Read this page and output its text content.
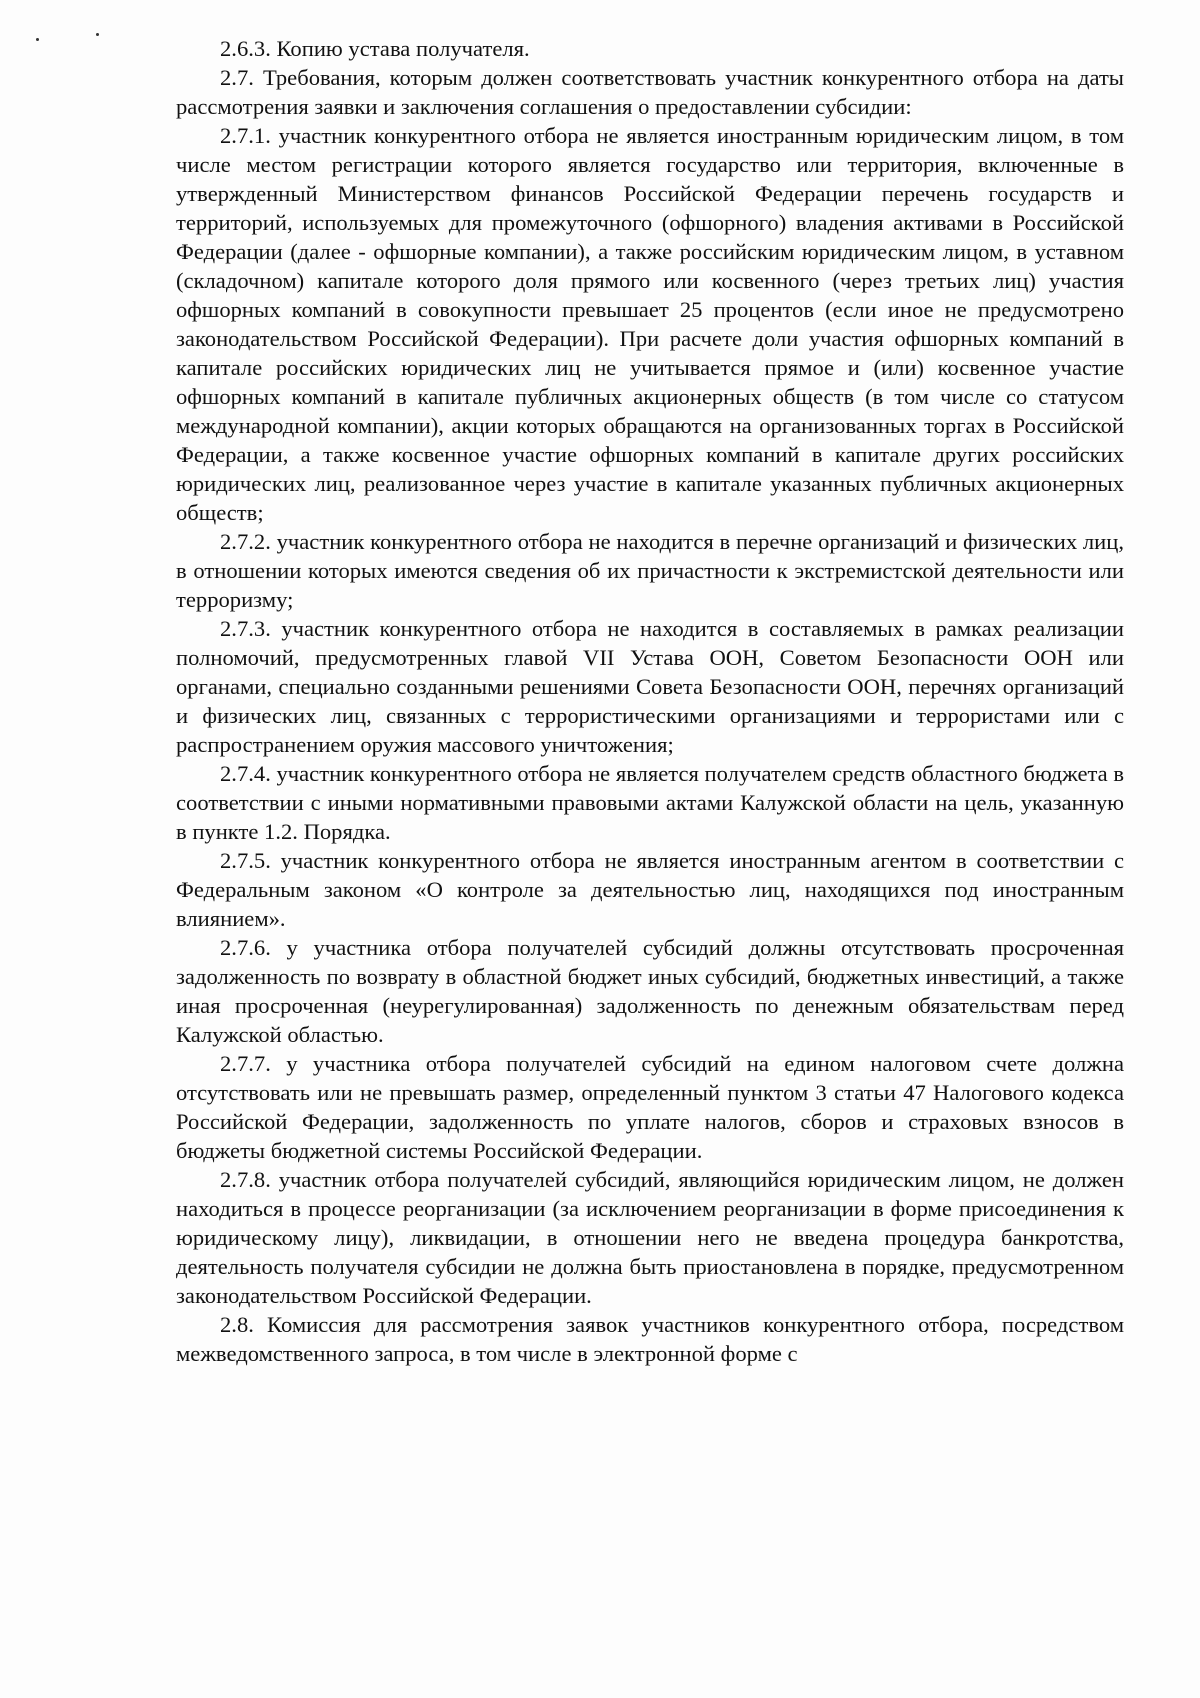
2.6.3. Копию устава получателя.

2.7. Требования, которым должен соответствовать участник конкурентного отбора на даты рассмотрения заявки и заключения соглашения о предоставлении субсидии:

2.7.1. участник конкурентного отбора не является иностранным юридическим лицом, в том числе местом регистрации которого является государство или территория, включенные в утвержденный Министерством финансов Российской Федерации перечень государств и территорий, используемых для промежуточного (офшорного) владения активами в Российской Федерации (далее - офшорные компании), а также российским юридическим лицом, в уставном (складочном) капитале которого доля прямого или косвенного (через третьих лиц) участия офшорных компаний в совокупности превышает 25 процентов (если иное не предусмотрено законодательством Российской Федерации). При расчете доли участия офшорных компаний в капитале российских юридических лиц не учитывается прямое и (или) косвенное участие офшорных компаний в капитале публичных акционерных обществ (в том числе со статусом международной компании), акции которых обращаются на организованных торгах в Российской Федерации, а также косвенное участие офшорных компаний в капитале других российских юридических лиц, реализованное через участие в капитале указанных публичных акционерных обществ;

2.7.2. участник конкурентного отбора не находится в перечне организаций и физических лиц, в отношении которых имеются сведения об их причастности к экстремистской деятельности или терроризму;

2.7.3. участник конкурентного отбора не находится в составляемых в рамках реализации полномочий, предусмотренных главой VII Устава ООН, Советом Безопасности ООН или органами, специально созданными решениями Совета Безопасности ООН, перечнях организаций и физических лиц, связанных с террористическими организациями и террористами или с распространением оружия массового уничтожения;

2.7.4. участник конкурентного отбора не является получателем средств областного бюджета в соответствии с иными нормативными правовыми актами Калужской области на цель, указанную в пункте 1.2. Порядка.

2.7.5. участник конкурентного отбора не является иностранным агентом в соответствии с Федеральным законом «О контроле за деятельностью лиц, находящихся под иностранным влиянием».

2.7.6. у участника отбора получателей субсидий должны отсутствовать просроченная задолженность по возврату в областной бюджет иных субсидий, бюджетных инвестиций, а также иная просроченная (неурегулированная) задолженность по денежным обязательствам перед Калужской областью.

2.7.7. у участника отбора получателей субсидий на едином налоговом счете должна отсутствовать или не превышать размер, определенный пунктом 3 статьи 47 Налогового кодекса Российской Федерации, задолженность по уплате налогов, сборов и страховых взносов в бюджеты бюджетной системы Российской Федерации.

2.7.8. участник отбора получателей субсидий, являющийся юридическим лицом, не должен находиться в процессе реорганизации (за исключением реорганизации в форме присоединения к юридическому лицу), ликвидации, в отношении него не введена процедура банкротства, деятельность получателя субсидии не должна быть приостановлена в порядке, предусмотренном законодательством Российской Федерации.

2.8. Комиссия для рассмотрения заявок участников конкурентного отбора, посредством межведомственного запроса, в том числе в электронной форме с
